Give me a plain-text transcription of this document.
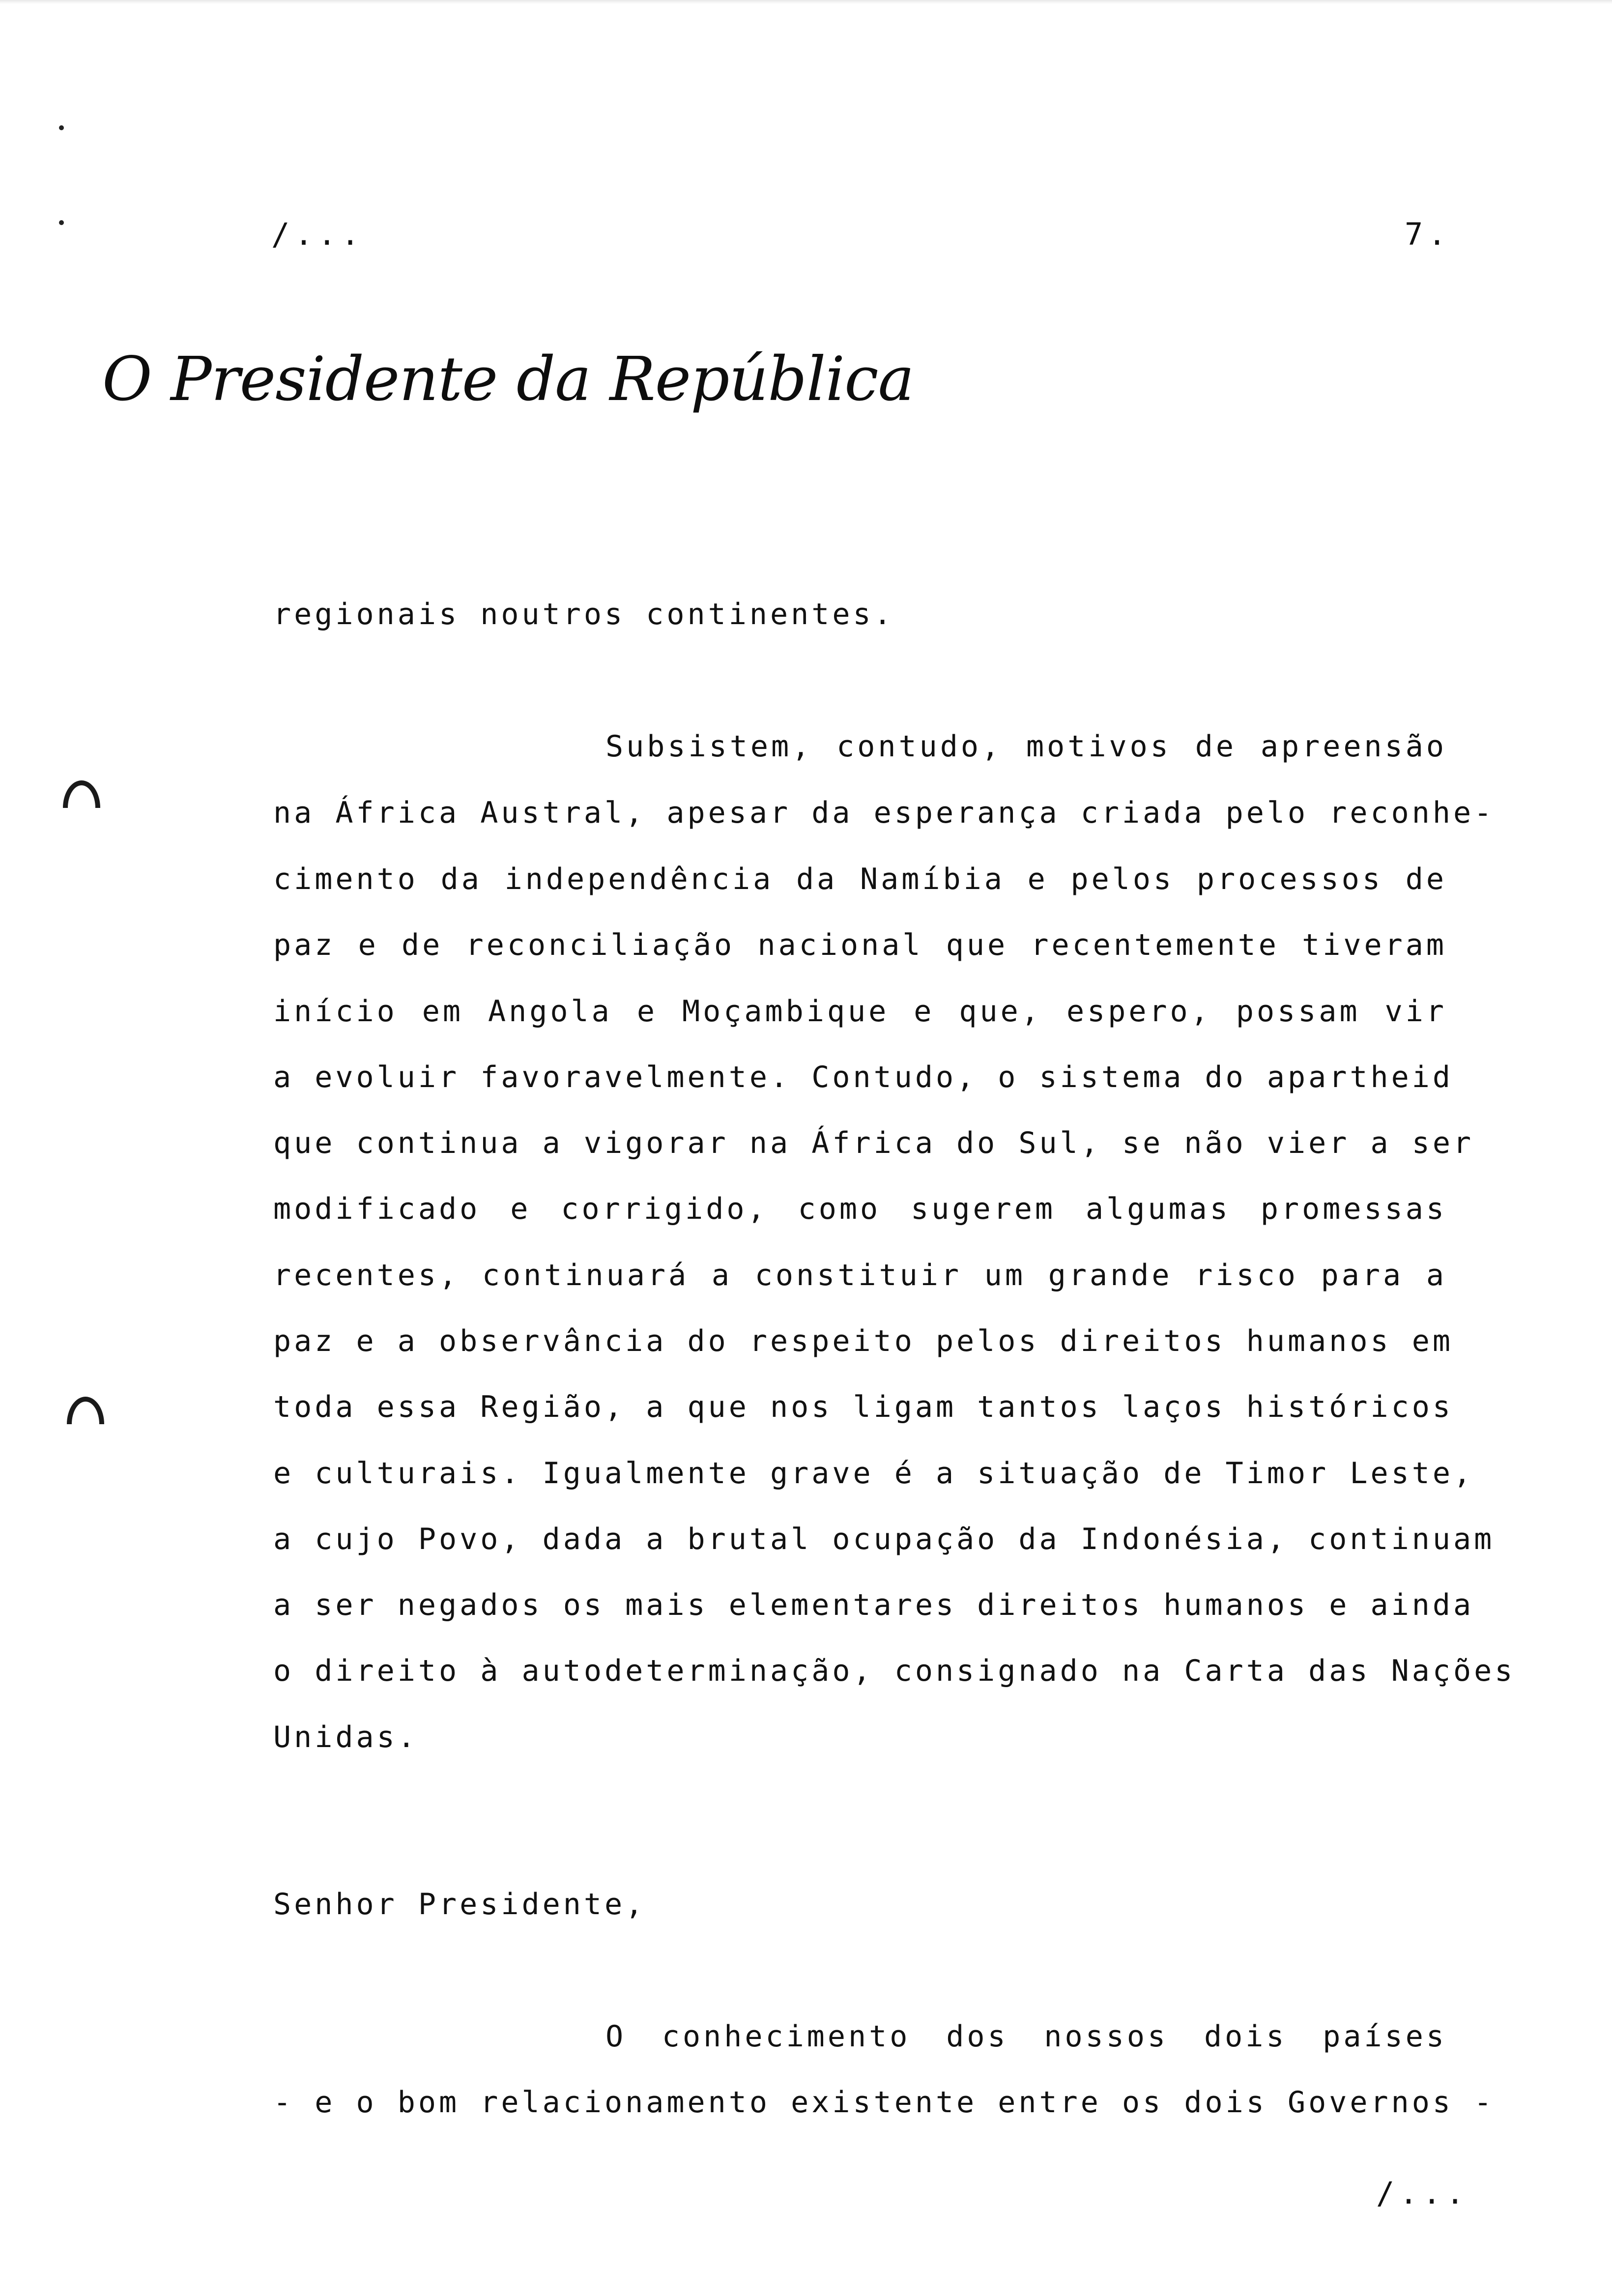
/...	7.
O Presidente da República
regionais noutros continentes.
Subsistem, contudo, motivos de apreensão
na África Austral, apesar da esperança criada pelo reconhe-
cimento da independência da Namíbia e pelos processos de
paz e de reconciliação nacional que recentemente tiveram
início em Angola e Moçambique e que, espero, possam vir
a evoluir favoravelmente. Contudo, o sistema do apartheid
que continua a vigorar na África do Sul, se não vier a ser
modificado e corrigido, como sugerem algumas promessas
recentes, continuará a constituir um grande risco para a
paz e a observância do respeito pelos direitos humanos em
toda essa Região, a que nos ligam tantos laços históricos
e culturais. Igualmente grave é a situação de Timor Leste,
a cujo Povo, dada a brutal ocupação da Indonésia, continuam
a ser negados os mais elementares direitos humanos e ainda
o direito à autodeterminação, consignado na Carta das Nações
Unidas.
Senhor Presidente,
O conhecimento dos nossos dois países
- e o bom relacionamento existente entre os dois Governos -
/...
